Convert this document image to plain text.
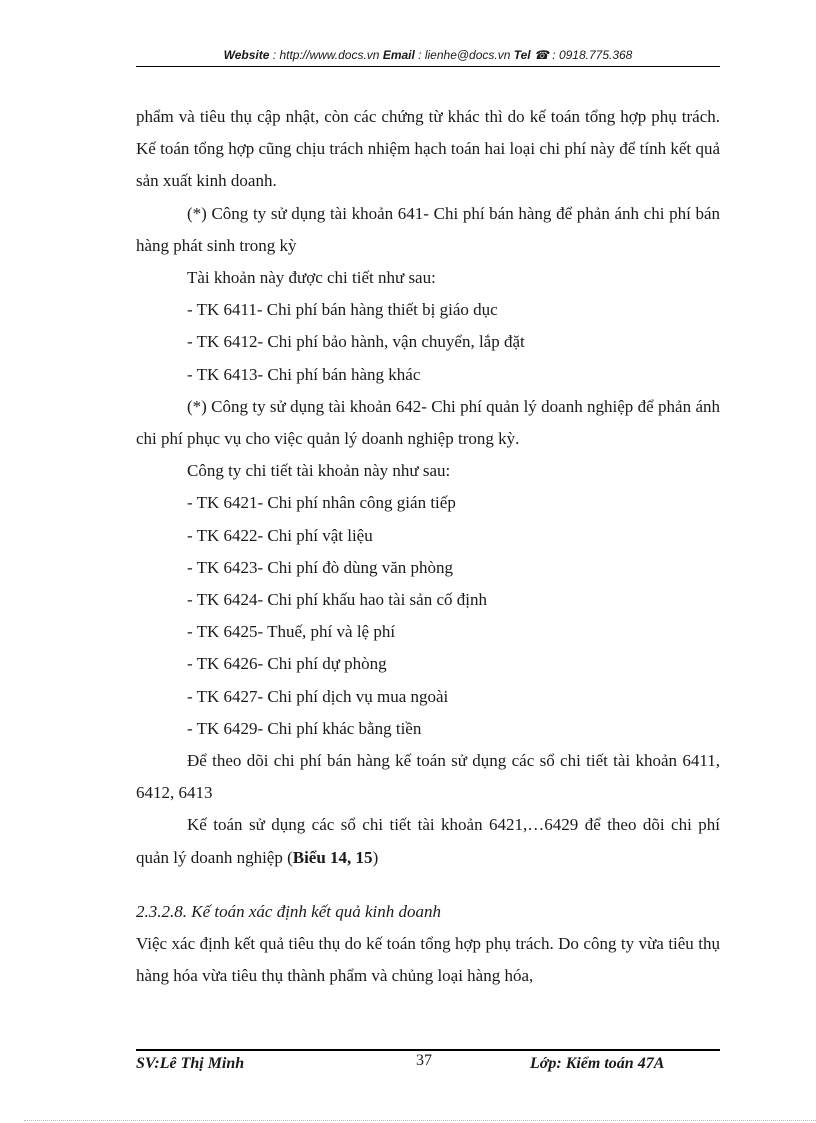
Website : http://www.docs.vn Email : lienhe@docs.vn Tel ☎ : 0918.775.368

phẩm và tiêu thụ cập nhật, còn các chứng từ khác thì do kế toán tổng hợp phụ trách. Kế toán tổng hợp cũng chịu trách nhiệm hạch toán hai loại chi phí này để tính kết quả sản xuất kinh doanh.

(*) Công ty sử dụng tài khoản 641- Chi phí bán hàng để phản ánh chi phí bán hàng phát sinh trong kỳ

Tài khoản này được chi tiết như sau:

- TK 6411- Chi phí bán hàng thiết bị giáo dục

- TK 6412- Chi phí bảo hành, vận chuyển, lắp đặt

- TK 6413- Chi phí bán hàng khác

(*) Công ty sử dụng tài khoản 642- Chi phí quản lý doanh nghiệp để phản ánh chi phí phục vụ cho việc quản lý doanh nghiệp trong kỳ.

Công ty chi tiết tài khoản này như sau:

- TK 6421- Chi phí nhân công gián tiếp

- TK 6422- Chi phí vật liệu

- TK 6423- Chi phí đò dùng văn phòng

- TK 6424- Chi phí khấu hao tài sản cố định

- TK 6425- Thuế, phí và lệ phí

- TK 6426- Chi phí dự phòng

- TK 6427- Chi phí dịch vụ mua ngoài

- TK 6429- Chi phí khác bằng tiền

Để theo dõi chi phí bán hàng kế toán sử dụng các sổ chi tiết tài khoản 6411, 6412, 6413

Kế toán sử dụng các sổ chi tiết tài khoản 6421,…6429 để theo dõi chi phí quản lý doanh nghiệp (Biểu 14, 15)

2.3.2.8. Kế toán xác định kết quả kinh doanh

Việc xác định kết quả tiêu thụ do kế toán tổng hợp phụ trách. Do công ty vừa tiêu thụ hàng hóa vừa tiêu thụ thành phẩm và chủng loại hàng hóa,

SV:Lê Thị Minh	37	Lớp: Kiểm toán 47A
